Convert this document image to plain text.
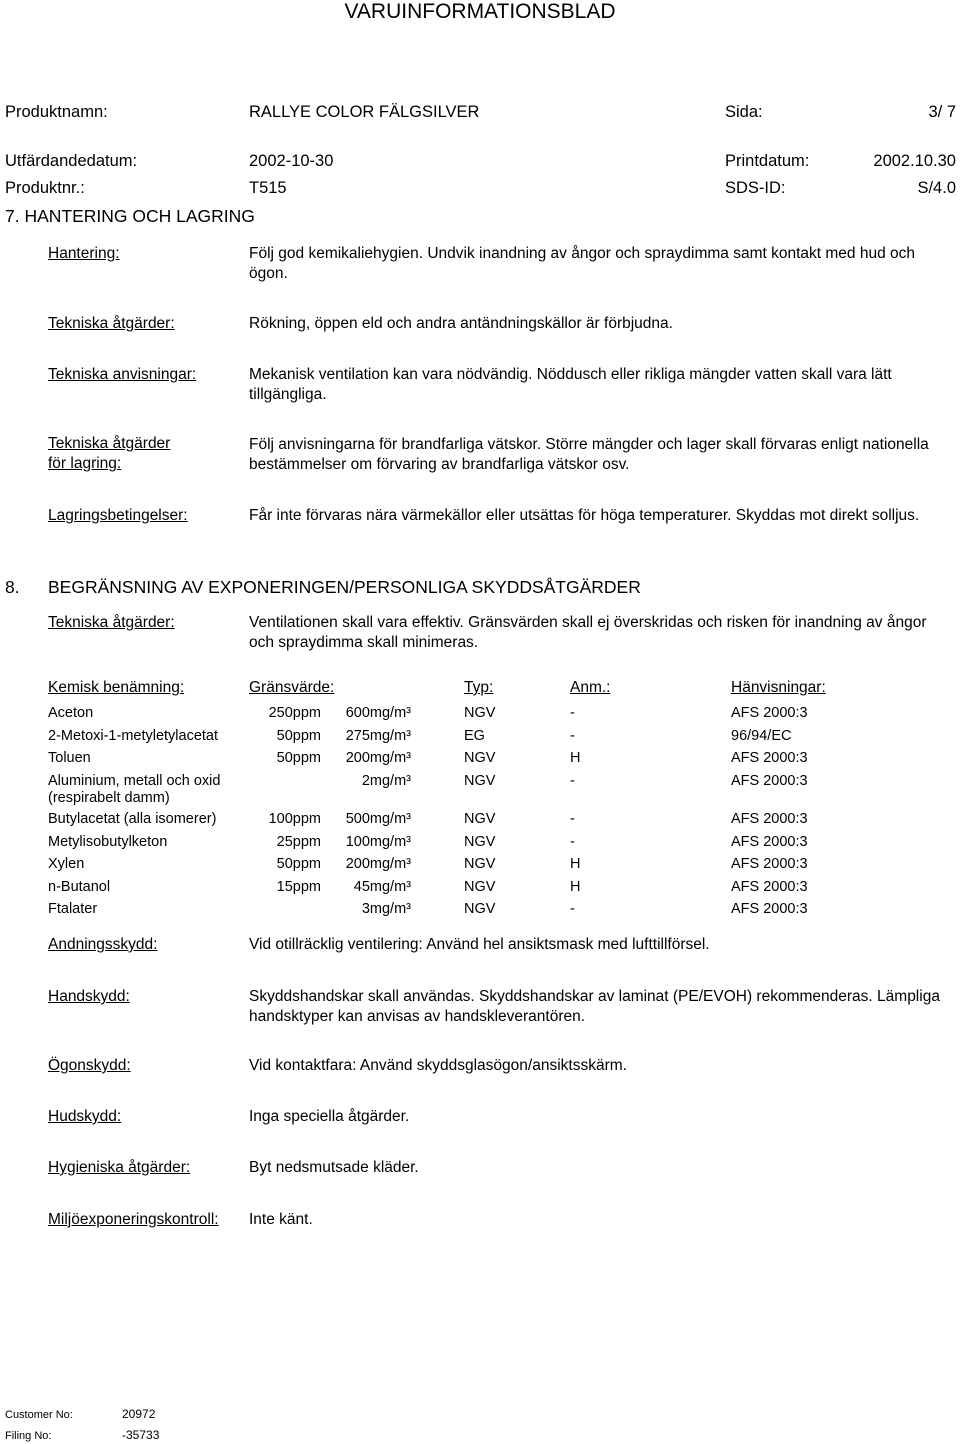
VARUINFORMATIONSBLAD
Produktnamn:	RALLYE COLOR FÄLGSILVER	Sida:	3/ 7
Utfärdandedatum:	2002-10-30	Printdatum:	2002.10.30
Produktnr.:	T515	SDS-ID:	S/4.0
7. HANTERING OCH LAGRING
Hantering:	Följ god kemikaliehygien. Undvik inandning av ångor och spraydimma samt kontakt med hud och ögon.
Tekniska åtgärder:	Rökning, öppen eld och andra antändningskällor är förbjudna.
Tekniska anvisningar:	Mekanisk ventilation kan vara nödvändig. Nöddusch eller rikliga mängder vatten skall vara lätt tillgängliga.
Tekniska åtgärder
för lagring:
Följ anvisningarna för brandfarliga vätskor. Större mängder och lager skall förvaras enligt nationella bestämmelser om förvaring av brandfarliga vätskor osv.
Lagringsbetingelser:	Får inte förvaras nära värmekällor eller utsättas för höga temperaturer. Skyddas mot direkt solljus.
8. BEGRÄNSNING AV EXPONERINGEN/PERSONLIGA SKYDDSÅTGÄRDER
Tekniska åtgärder:	Ventilationen skall vara effektiv. Gränsvärden skall ej överskridas och risken för inandning av ångor och spraydimma skall minimeras.
Kemisk benämning:	Gränsvärde:	Typ:	Anm.:	Hänvisningar:
Aceton	250ppm 600mg/m³	NGV	-	AFS 2000:3
2-Metoxi-1-metyletylacetat	50ppm 275mg/m³	EG	-	96/94/EC
Toluen	50ppm 200mg/m³	NGV	H	AFS 2000:3
Aluminium, metall och oxid
(respirabelt damm)
2mg/m³	NGV	-	AFS 2000:3
Butylacetat (alla isomerer)	100ppm 500mg/m³	NGV	-	AFS 2000:3
Metylisobutylketon	25ppm 100mg/m³	NGV	-	AFS 2000:3
Xylen	50ppm 200mg/m³	NGV	H	AFS 2000:3
n-Butanol	15ppm 45mg/m³	NGV	H	AFS 2000:3
Ftalater	3mg/m³	NGV	-	AFS 2000:3
Andningsskydd:	Vid otillräcklig ventilering: Använd hel ansiktsmask med lufttillförsel.
Handskydd:	Skyddshandskar skall användas. Skyddshandskar av laminat (PE/EVOH) rekommenderas. Lämpliga handsktyper kan anvisas av handskleverantören.
Ögonskydd:	Vid kontaktfara: Använd skyddsglasögon/ansiktsskärm.
Hudskydd:	Inga speciella åtgärder.
Hygieniska åtgärder:	Byt nedsmutsade kläder.
Miljöexponeringskontroll: Inte känt.
Customer No:	20972
Filing No:	-35733
